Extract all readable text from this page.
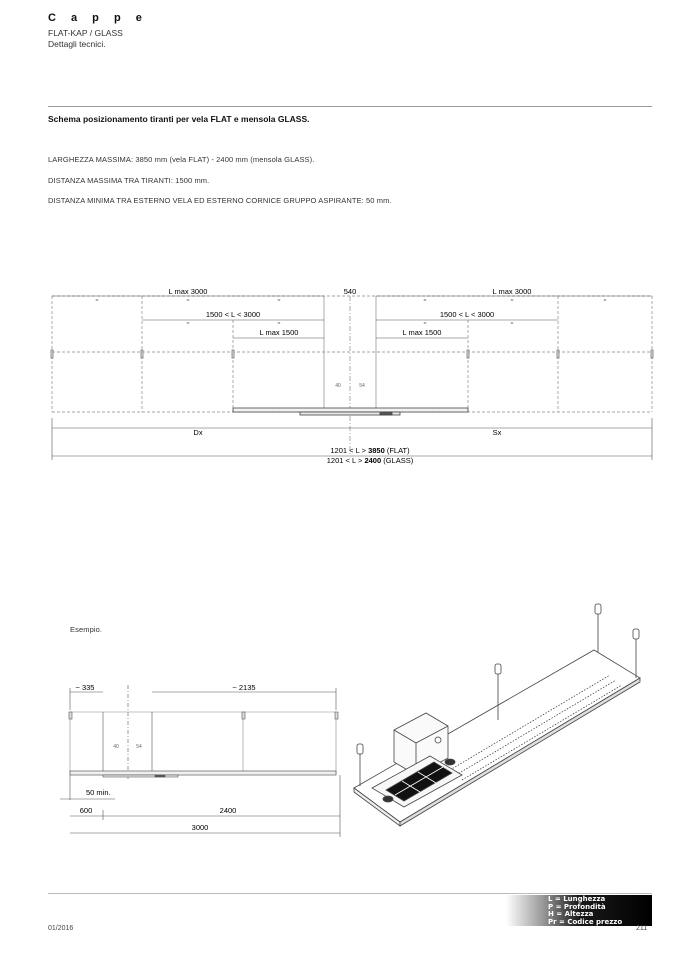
C a p p e
FLAT-KAP / GLASS
Dettagli tecnici.
Schema posizionamento tiranti per vela FLAT e mensola GLASS.
LARGHEZZA MASSIMA: 3850 mm (vela FLAT) - 2400 mm (mensola GLASS).
DISTANZA MASSIMA TRA TIRANTI: 1500 mm.
DISTANZA MINIMA TRA ESTERNO VELA ED ESTERNO CORNICE GRUPPO ASPIRANTE: 50 mm.
L max 3000	540	L max 3000
=	=	=	=	=	=
1500 < L < 3000	1500 < L < 3000
=	=	=	=
L max 1500	L max 1500
40	54
Dx	Sx
1201 < L > 3850 (FLAT)
1201 < L > 2400 (GLASS)
Esempio.
~ 335	~ 2135
40	54
50 min.
600	2400
3000
L = Lunghezza
P = Profondità
H = Altezza
Pr = Codice prezzo
01/2016	211
